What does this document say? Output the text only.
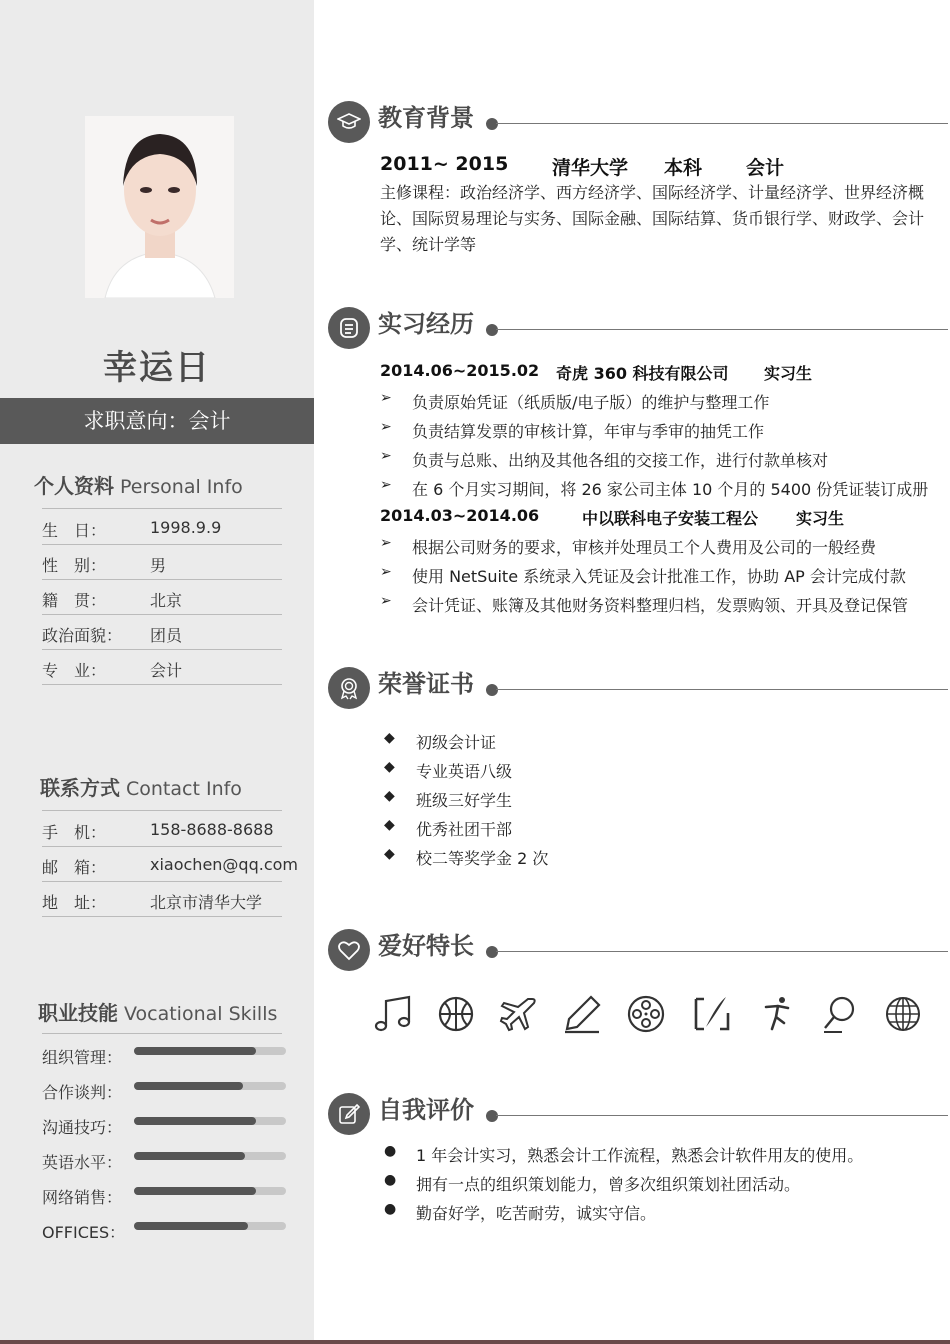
幸运日
求职意向：会计
个人资料 Personal Info
生　日：	1998.9.9
性　别：	男
籍　贯：	北京
政治面貌： 团员
专　业：	会计
联系方式 Contact Info
手　机：	158-8688-8688
邮　箱：	xiaochen@qq.com
地　址：	北京市清华大学
职业技能 Vocational Skills
组织管理：
合作谈判：
沟通技巧：
英语水平：
网络销售：
OFFICES：
教育背景
2011~ 2015 清华大学 本科 会计
主修课程：政治经济学、西方经济学、国际经济学、计量经济学、世界经济概论、国际贸易理论与实务、国际金融、国际结算、货币银行学、财政学、会计学、统计学等
实习经历
2014.06~2015.02 奇虎 360 科技有限公司 实习生
➢ 负责原始凭证（纸质版/电子版）的维护与整理工作
➢ 负责结算发票的审核计算，年审与季审的抽凭工作
➢ 负责与总账、出纳及其他各组的交接工作，进行付款单核对
➢ 在 6 个月实习期间，将 26 家公司主体 10 个月的 5400 份凭证装订成册
2014.03~2014.06	中以联科电子安装工程公 实习生
➢ 根据公司财务的要求，审核并处理员工个人费用及公司的一般经费
➢ 使用 NetSuite 系统录入凭证及会计批准工作，协助 AP 会计完成付款
➢ 会计凭证、账簿及其他财务资料整理归档，发票购领、开具及登记保管
荣誉证书
◆ 初级会计证
◆ 专业英语八级
◆ 班级三好学生
◆ 优秀社团干部
◆ 校二等奖学金 2 次
爱好特长
自我评价
● 1 年会计实习，熟悉会计工作流程，熟悉会计软件用友的使用。
● 拥有一点的组织策划能力，曾多次组织策划社团活动。
● 勤奋好学，吃苦耐劳，诚实守信。
